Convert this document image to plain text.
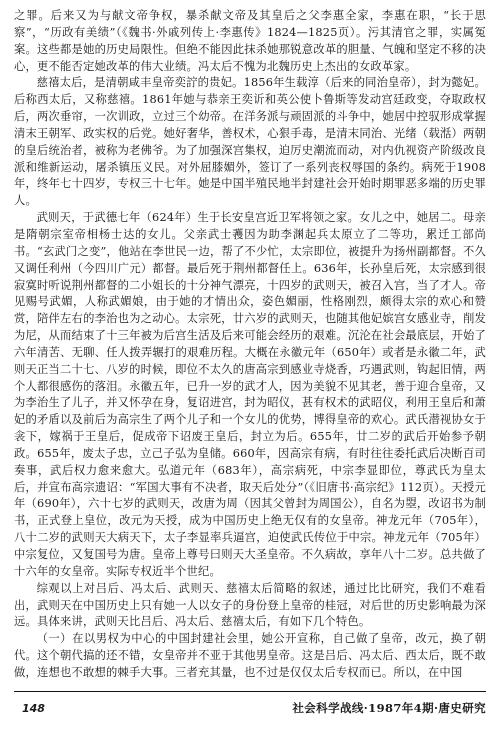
之罪。后来又为与献文帝争权，暴杀献文帝及其皇后之父李惠全家，李惠在职，“长于思察”，“历政有美绩”（《魏书·外戚列传上·李惠传》1824—1825页）。污其清官之罪，实属冤案。这些都是她的历史局限性。但绝不能因此抹杀她那锐意改革的胆量、气魄和坚定不移的决心，更不能否定她改革的伟大业绩。冯太后不愧为北魏历史上杰出的女政革家。

慈禧太后，是清朝咸丰皇帝奕詝的贵妃。1856年生载淳（后来的同治皇帝），封为懿妃。后称西太后，又称慈禧。1861年她与恭亲王奕䜣和英公使卜鲁斯等发动宫廷政变，夺取政权后，两次垂帘，一次训政，立过三个幼帝。在洋务派与顽固派的斗争中，她居中控驭形成掌握清末王朝军、政实权的后党。她好奢华，善权术，心狠手毒，是清末同治、光绪（载湉）两朝的皇后统治者，被称为老佛爷。为了加强深宫集权，迫厉史潮流而动，对内仇视资产阶级改良派和维新运动，屠杀镇压义民。对外屈膝媚外，签订了一系列丧权辱国的条约。病死于1908年，终年七十四岁，专权三十七年。她是中国半殖民地半封建社会开始时期罪恶多端的历史罪人。

武则天，于武德七年（624年）生于长安皇宫近卫军将领之家。女儿之中，她居二。母亲是隋朝宗室帝相杨士达的女儿。父亲武士彟因为助李渊起兵太原立了二等功，累迁工部尚书。“玄武门之变”，他站在李世民一边，帮了不少忙，太宗即位，被提升为扬州副都督。不久又调任利州（今四川广元）都督。最后死于荆州都督任上。636年，长孙皇后死，太宗感到很寂寞时听说荆州都督的二小姐长的十分神气漂亮，十四岁的武则天，被召入宫，当了才人。帝见赐号武媚，人称武媚娘，由于她的才情出众，姿色媚丽，性格刚烈，颇得太宗的欢心和赞赏，陪伴左右的李治也为之动心。太宗死，廿六岁的武则天，也随其他妃嫔宫女感业寺，削发为尼，从而结束了十三年被为后宫生活及后来可能会经历的艰难。沉沦在社会最底层，开始了六年清苦、无聊、任人拨弄辗打的艰难历程。大概在永徽元年（650年）或者是永徽二年，武则天正当二十七、八岁的时候，即位不太久的唐高宗到感业寺烧香，巧遇武则，钩起旧情，两个人都很感伤的落泪。永徽五年，已升一岁的武才人，因为美貌不见其老，善于迎合皇帝，又为李治生了儿子，并又怀孕在身，复诏进宫，封为昭仪，甚有权术的武昭仪，利用王皇后和萧妃的矛盾以及前后为高宗生了两个儿子和一个女儿的优势，博得皇帝的欢心。武氏潜视协女于衾下，嫁祸于王皇后，促成帝下诏废王皇后，封立为后。655年，廿二岁的武后开始参予朝政。655年，废太子忠，立己子弘为皇储。660年，因高宗有病，有时往往委托武后决断百司奏事，武后权力愈来愈大。弘道元年（683年），高宗病死，中宗李显即位，尊武氏为皇太后，并宣布高宗遗诏：“军国大事有不决者，取天后处分”（《旧唐书·高宗纪》112页）。天授元年（690年），六十七岁的武则天，改唐为周（因其父曾封为周国公），自名为曌，改诏书为制书，正式登上皇位，改元为天授，成为中国历史上绝无仅有的女皇帝。神龙元年（705年），八十二岁的武则天大病天下，太子李显率兵逼宫，迫使武氏传位于中宗。神龙元年（705年）中宗复位，又复国号为唐。皇帝上尊号曰则天大圣皇帝。不久病故，享年八十二岁。总共做了十六年的女皇帝。实际专权近半个世纪。

综观以上对吕后、冯太后、武则天、慈禧太后简略的叙述，通过比比研究，我们不难看出，武则天在中国历史上只有她一人以女子的身份登上皇帝的桂冠，对后世的历史影响最为深远。具体来讲，武则天比吕后、冯太后、慈禧太后，有如下几个特色。

（一）在以男权为中心的中国封建社会里，她公开宣称，自己做了皇帝，改元，换了朝代。这个朝代搞的还不错，女皇帝并不亚于其他男皇帝。这是吕后、冯太后、西太后，既不敢做，连想也不敢想的棘手大事。三者充其量，也不过是仅仅太后专权而已。所以，在中国

148	社会科学战线·1987年4期·唐史研究
